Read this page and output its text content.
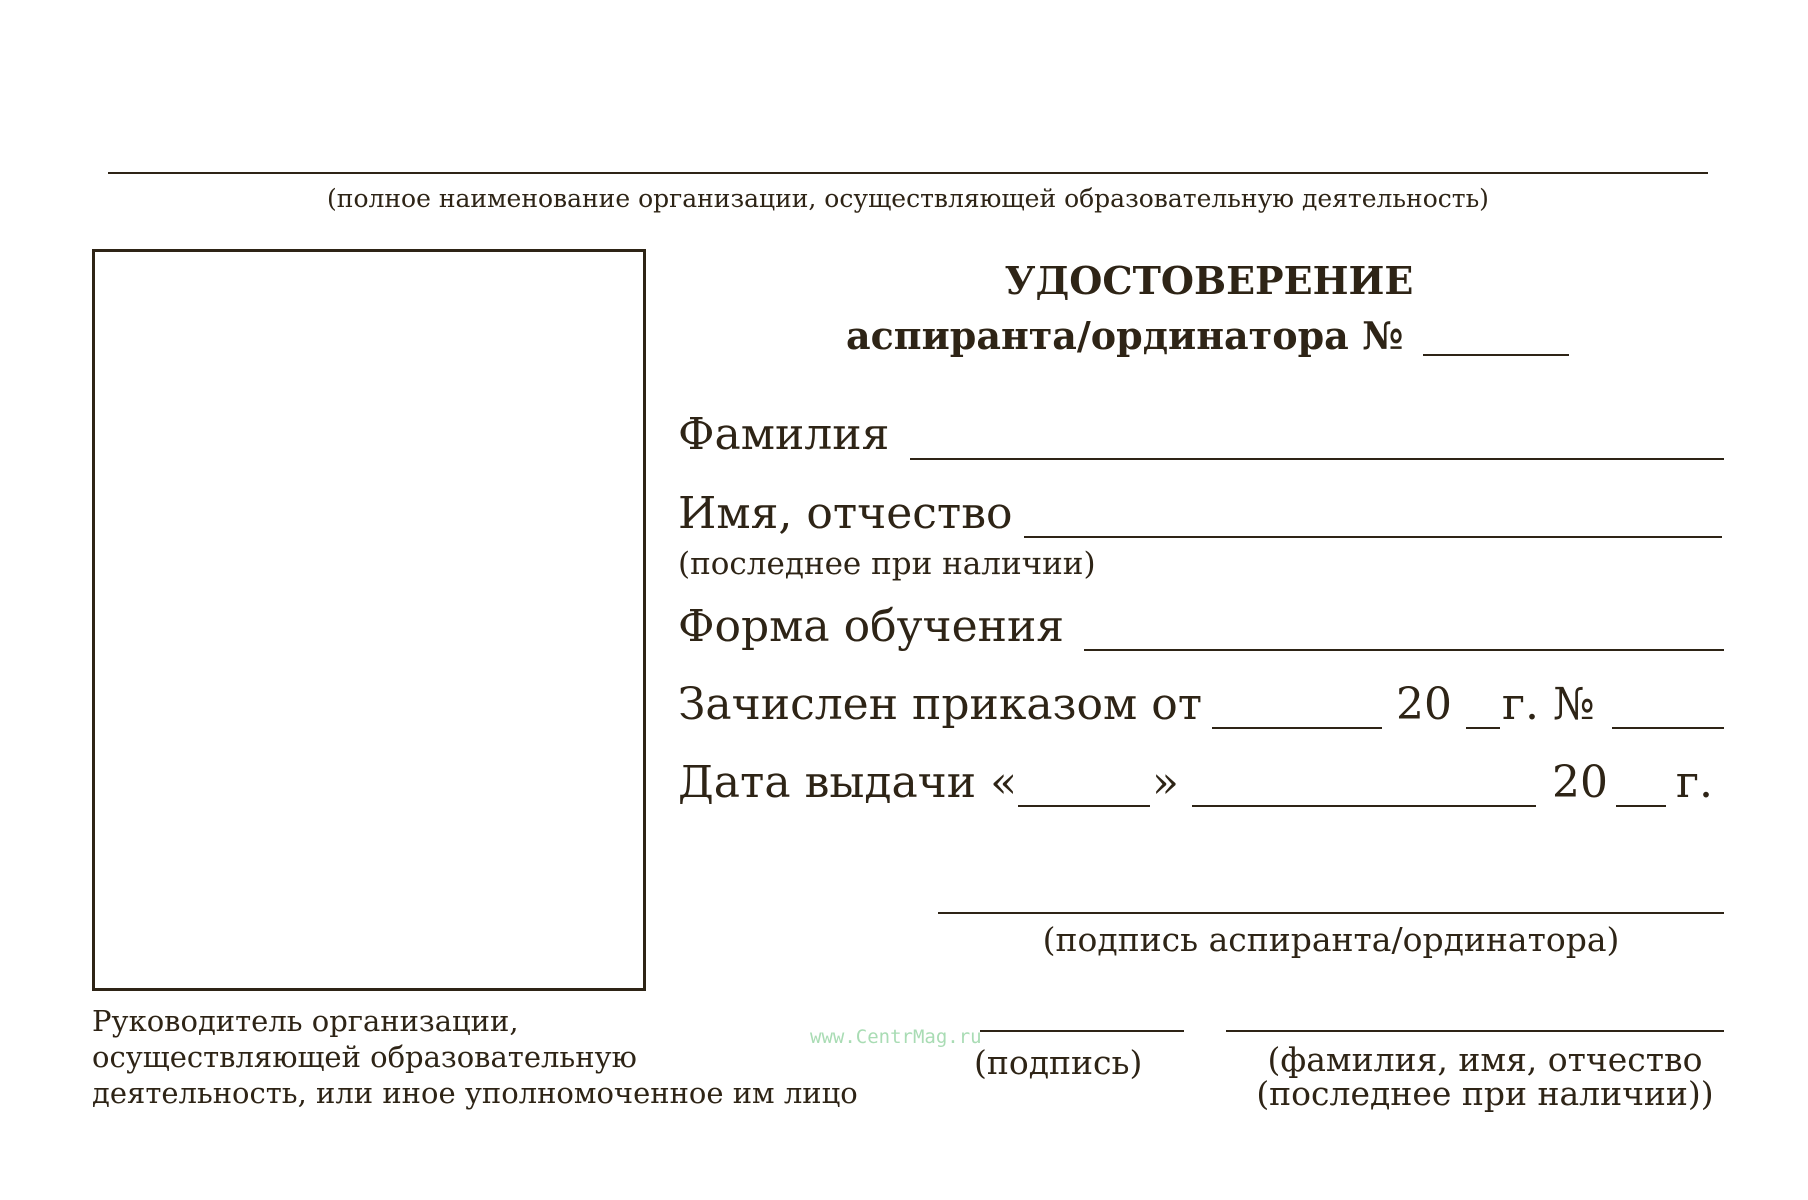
(полное наименование организации, осуществляющей образовательную деятельность)
УДОСТОВЕРЕНИЕ
аспиранта/ординатора №
Фамилия
Имя, отчество
(последнее при наличии)
Форма обучения
Зачислен приказом от	20 г. №
Дата выдачи «	»	20 г.
(подпись аспиранта/ординатора)
Руководитель организации,
осуществляющей образовательную
деятельность, или иное уполномоченное им лицо
www.CentrMag.ru
(подпись)	(фамилия, имя, отчество
(последнее при наличии))
